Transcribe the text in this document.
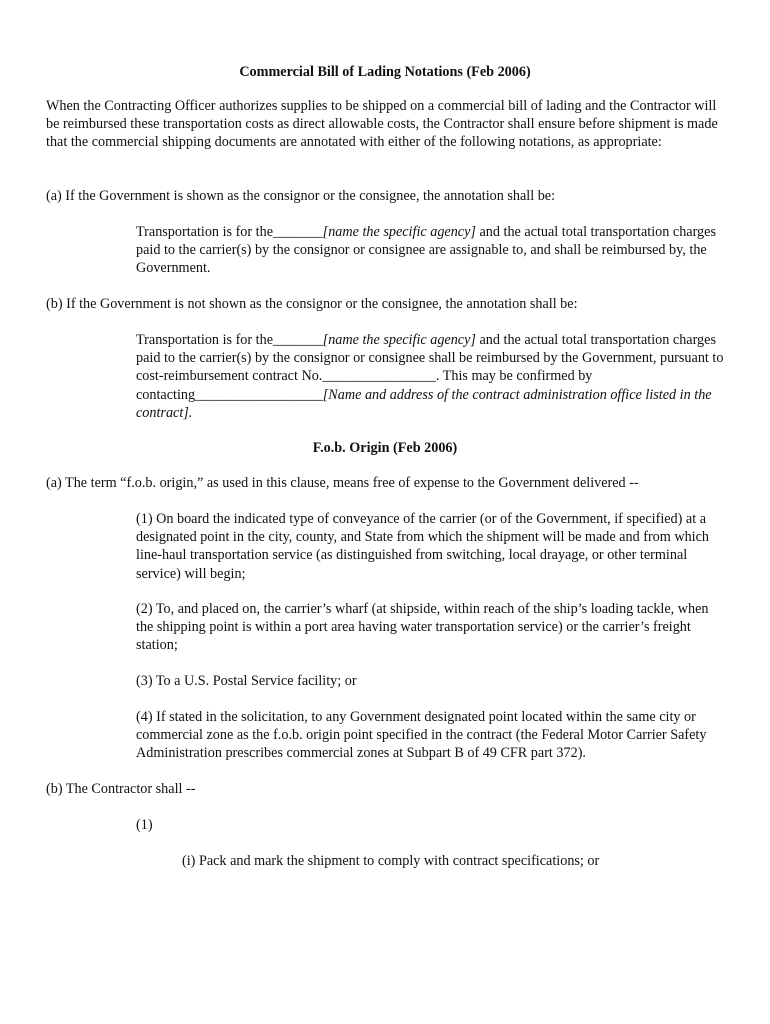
Commercial Bill of Lading Notations (Feb 2006)
When the Contracting Officer authorizes supplies to be shipped on a commercial bill of lading and the Contractor will be reimbursed these transportation costs as direct allowable costs, the Contractor shall ensure before shipment is made that the commercial shipping documents are annotated with either of the following notations, as appropriate:
(a) If the Government is shown as the consignor or the consignee, the annotation shall be:
Transportation is for the_______[name the specific agency] and the actual total transportation charges paid to the carrier(s) by the consignor or consignee are assignable to, and shall be reimbursed by, the Government.
(b) If the Government is not shown as the consignor or the consignee, the annotation shall be:
Transportation is for the_______[name the specific agency] and the actual total transportation charges paid to the carrier(s) by the consignor or consignee shall be reimbursed by the Government, pursuant to cost-reimbursement contract No.________________. This may be confirmed by contacting__________________[Name and address of the contract administration office listed in the contract].
F.o.b. Origin (Feb 2006)
(a) The term “f.o.b. origin,” as used in this clause, means free of expense to the Government delivered --
(1) On board the indicated type of conveyance of the carrier (or of the Government, if specified) at a designated point in the city, county, and State from which the shipment will be made and from which line-haul transportation service (as distinguished from switching, local drayage, or other terminal service) will begin;
(2) To, and placed on, the carrier’s wharf (at shipside, within reach of the ship’s loading tackle, when the shipping point is within a port area having water transportation service) or the carrier’s freight station;
(3) To a U.S. Postal Service facility; or
(4) If stated in the solicitation, to any Government designated point located within the same city or commercial zone as the f.o.b. origin point specified in the contract (the Federal Motor Carrier Safety Administration prescribes commercial zones at Subpart B of 49 CFR part 372).
(b) The Contractor shall --
(1)
(i) Pack and mark the shipment to comply with contract specifications; or
